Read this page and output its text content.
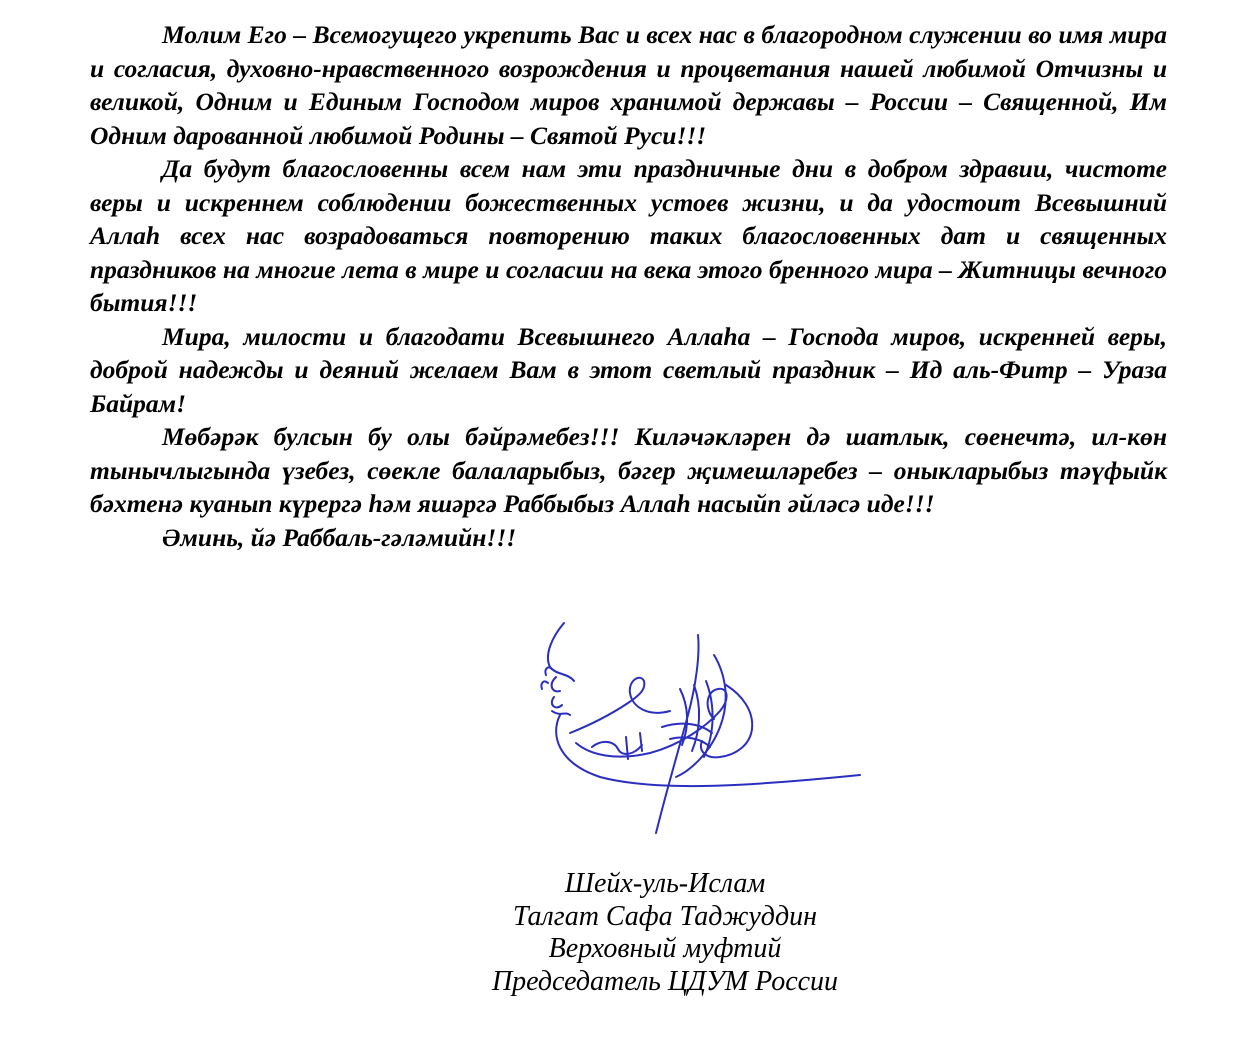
Молим Его – Всемогущего укрепить Вас и всех нас в благородном служении во имя мира и согласия, духовно-нравственного возрождения и процветания нашей любимой Отчизны и великой, Одним и Единым Господом миров хранимой державы – России – Священной, Им Одним дарованной любимой Родины – Святой Руси!!!

Да будут благословенны всем нам эти праздничные дни в добром здравии, чистоте веры и искреннем соблюдении божественных устоев жизни, и да удостоит Всевышний Аллаһ всех нас возрадоваться повторению таких благословенных дат и священных праздников на многие лета в мире и согласии на века этого бренного мира – Житницы вечного бытия!!!

Мира, милости и благодати Всевышнего Аллаһа – Господа миров, искренней веры, доброй надежды и деяний желаем Вам в этот светлый праздник – Ид аль-Фитр – Ураза Байрам!

Мөбәрәк булсын бу олы бәйрәмебез!!! Киләчәкләрен дә шатлык, сөенечтә, ил-көн тынычлыгында үзебез, сөекле балаларыбыз, бәгер җимешләребез – оныкларыбыз тәүфыйк бәхтенә куанып күрергә һәм яшәргә Раббыбыз Аллаһ насыйп әйләсә иде!!!

Әминь, йә Раббаль-гәләмийн!!!

Шейх-уль-Ислам
Талгат Сафа Таджуддин
Верховный муфтий
Председатель ЦДУМ России
